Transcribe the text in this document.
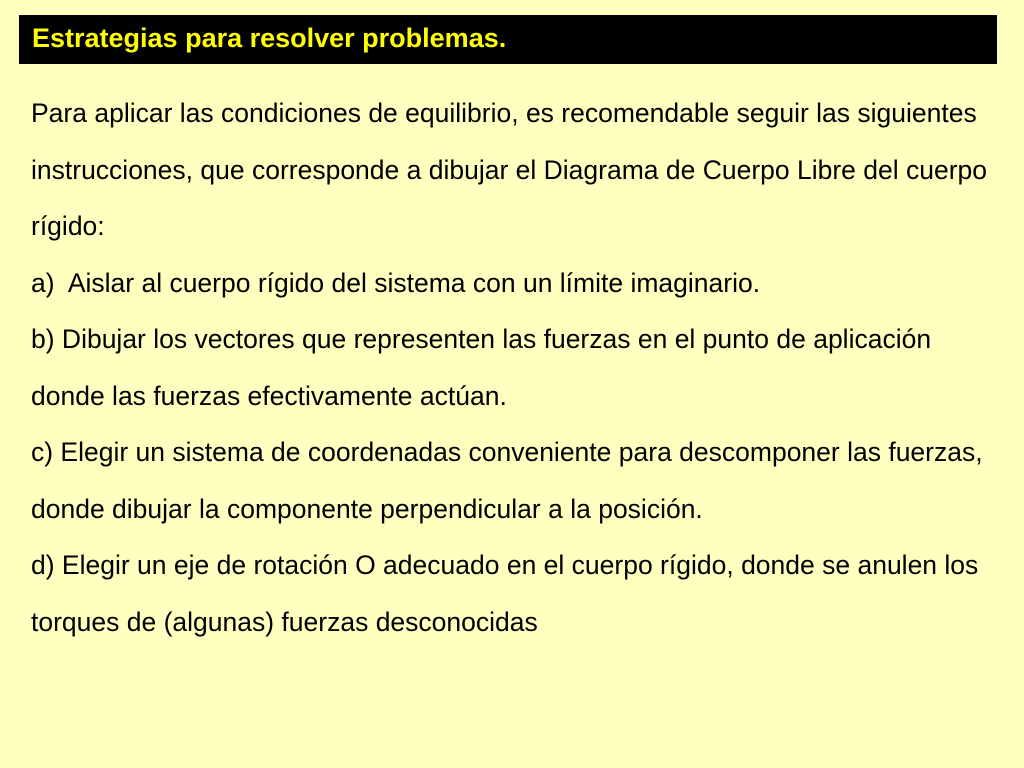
Estrategias para resolver problemas.

Para aplicar las condiciones de equilibrio, es recomendable seguir las siguientes instrucciones, que corresponde a dibujar el Diagrama de Cuerpo Libre del cuerpo rígido:

a)  Aislar al cuerpo rígido del sistema con un límite imaginario.

b) Dibujar los vectores que representen las fuerzas en el punto de aplicación donde las fuerzas efectivamente actúan.

c) Elegir un sistema de coordenadas conveniente para descomponer las fuerzas, donde dibujar la componente perpendicular a la posición.

d) Elegir un eje de rotación O adecuado en el cuerpo rígido, donde se anulen los torques de (algunas) fuerzas desconocidas
